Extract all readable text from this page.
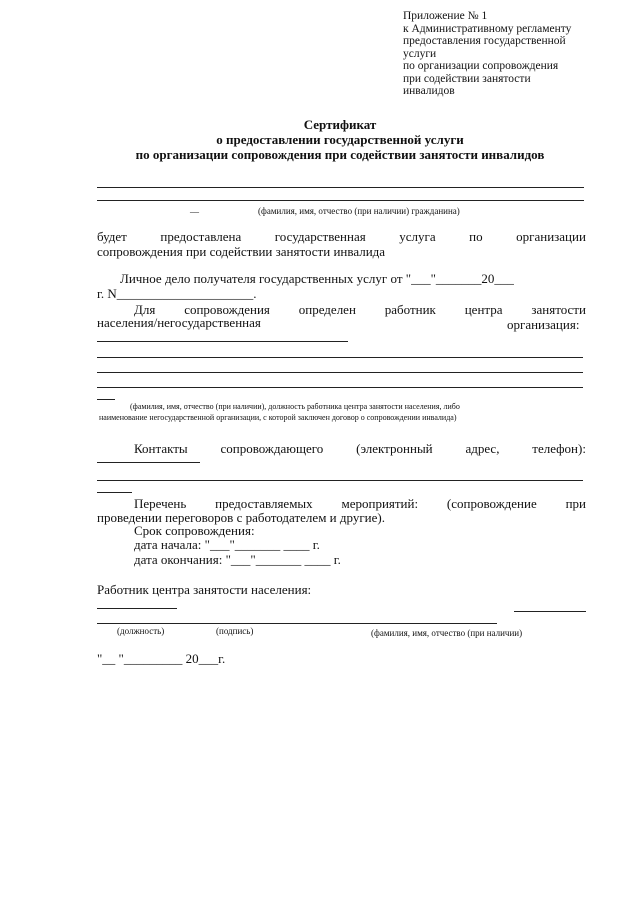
Приложение № 1
к Административному регламенту
предоставления государственной
услуги
по организации сопровождения
при содействии занятости
инвалидов
Сертификат
о предоставлении государственной услуги
по организации сопровождения при содействии занятости инвалидов
__	(фамилия, имя, отчество (при наличии) гражданина)
будет	предоставлена	государственная	услуга	по	организации
сопровождения при содействии занятости инвалида
Личное дело получателя государственных услуг от "___"_______20___
г. N_____________________.
Для сопровождения определен работник центра занятости
населения/негосударственная	организация:
(фамилия, имя, отчество (при наличии), должность работника центра занятости населения, либо
наименование негосударственной организации, с которой заключен договор о сопровождении инвалида)
Контакты	сопровождающего	(электронный	адрес,	телефон):
Перечень предоставляемых мероприятий: (сопровождение при
проведении переговоров с работодателем и другие).
Срок сопровождения:
дата начала: "___"_______ ____ г.
дата окончания: "___"_______ ____ г.
Работник центра занятости населения:
(должность)	(подпись)	(фамилия, имя, отчество (при наличии)
"__ "_________ 20___г.
